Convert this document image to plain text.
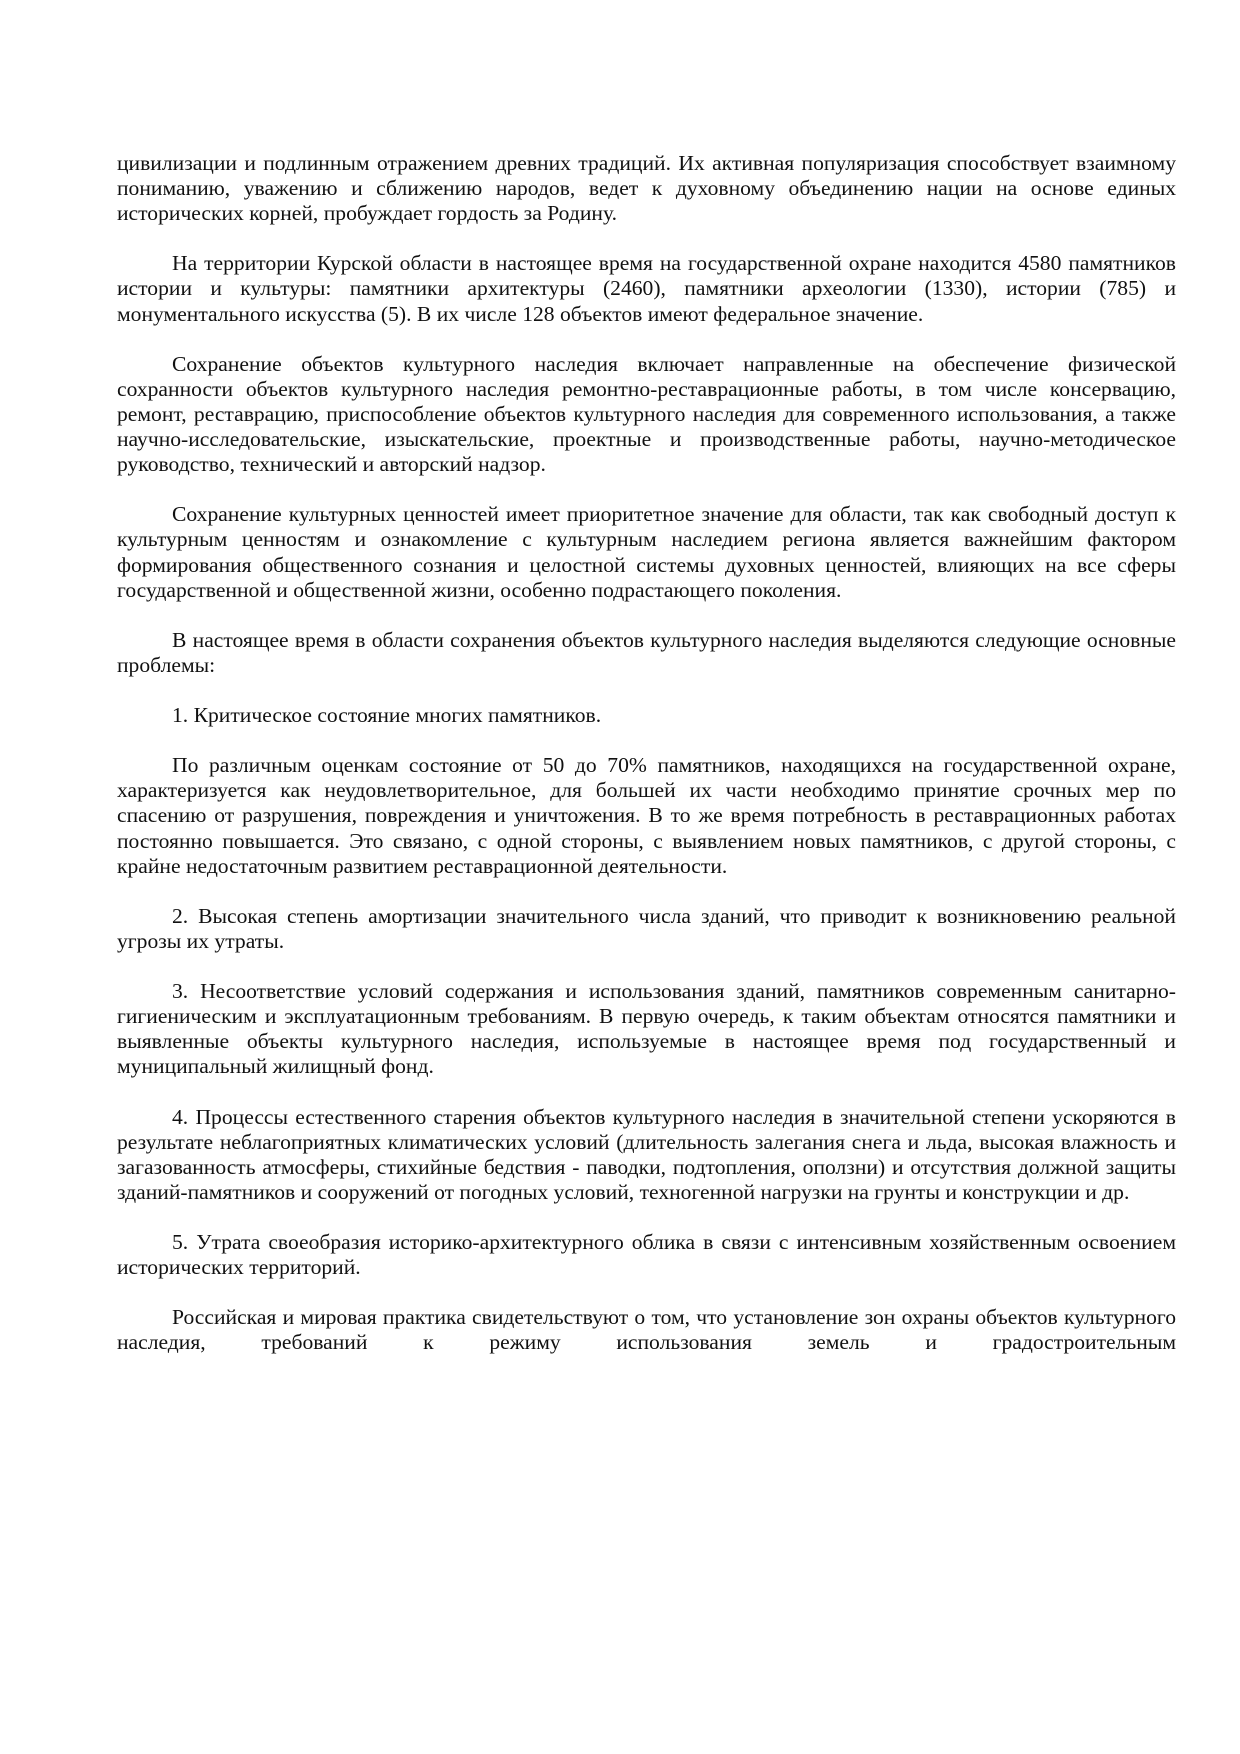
цивилизации и подлинным отражением древних традиций. Их активная популяризация способствует взаимному пониманию, уважению и сближению народов, ведет к духовному объединению нации на основе единых исторических корней, пробуждает гордость за Родину.

На территории Курской области в настоящее время на государственной охране находится 4580 памятников истории и культуры: памятники архитектуры (2460), памятники археологии (1330), истории (785) и монументального искусства (5). В их числе 128 объектов имеют федеральное значение.

Сохранение объектов культурного наследия включает направленные на обеспечение физической сохранности объектов культурного наследия ремонтно-реставрационные работы, в том числе консервацию, ремонт, реставрацию, приспособление объектов культурного наследия для современного использования, а также научно-исследовательские, изыскательские, проектные и производственные работы, научно-методическое руководство, технический и авторский надзор.

Сохранение культурных ценностей имеет приоритетное значение для области, так как свободный доступ к культурным ценностям и ознакомление с культурным наследием региона является важнейшим фактором формирования общественного сознания и целостной системы духовных ценностей, влияющих на все сферы государственной и общественной жизни, особенно подрастающего поколения.

В настоящее время в области сохранения объектов культурного наследия выделяются следующие основные проблемы:

1. Критическое состояние многих памятников.

По различным оценкам состояние от 50 до 70% памятников, находящихся на государственной охране, характеризуется как неудовлетворительное, для большей их части необходимо принятие срочных мер по спасению от разрушения, повреждения и уничтожения. В то же время потребность в реставрационных работах постоянно повышается. Это связано, с одной стороны, с выявлением новых памятников, с другой стороны, с крайне недостаточным развитием реставрационной деятельности.

2. Высокая степень амортизации значительного числа зданий, что приводит к возникновению реальной угрозы их утраты.

3. Несоответствие условий содержания и использования зданий, памятников современным санитарно-гигиеническим и эксплуатационным требованиям. В первую очередь, к таким объектам относятся памятники и выявленные объекты культурного наследия, используемые в настоящее время под государственный и муниципальный жилищный фонд.

4. Процессы естественного старения объектов культурного наследия в значительной степени ускоряются в результате неблагоприятных климатических условий (длительность залегания снега и льда, высокая влажность и загазованность атмосферы, стихийные бедствия - паводки, подтопления, оползни) и отсутствия должной защиты зданий-памятников и сооружений от погодных условий, техногенной нагрузки на грунты и конструкции и др.

5. Утрата своеобразия историко-архитектурного облика в связи с интенсивным хозяйственным освоением исторических территорий.

Российская и мировая практика свидетельствуют о том, что установление зон охраны объектов культурного наследия, требований к режиму использования земель и градостроительным
